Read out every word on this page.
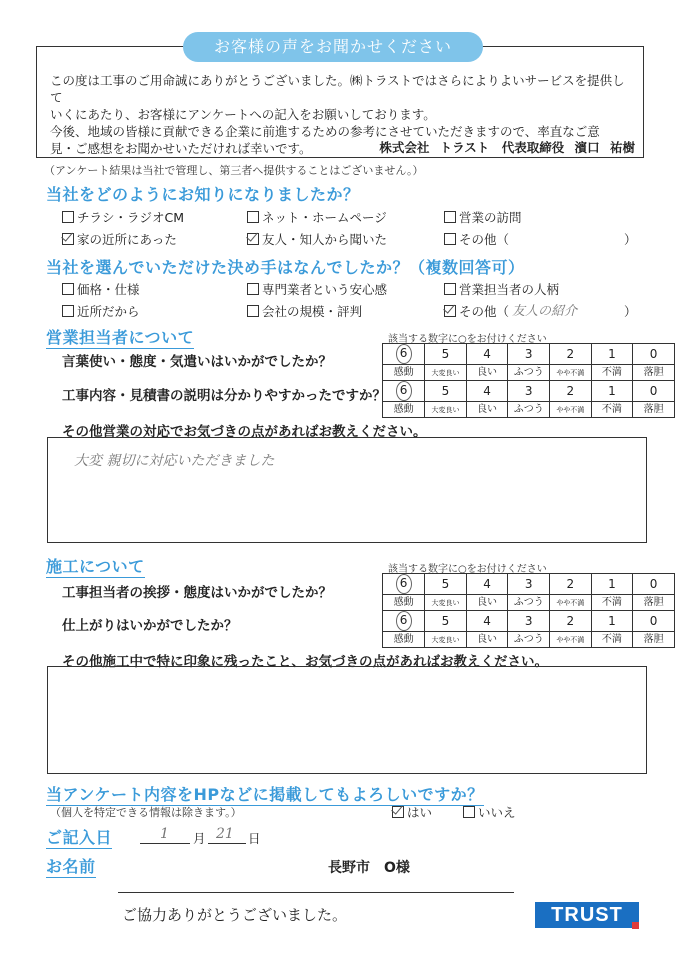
お客様の声をお聞かせください
この度は工事のご用命誠にありがとうございました。㈱トラストではさらによりよいサービスを提供して
いくにあたり、お客様にアンケートへの記入をお願いしております。
今後、地域の皆様に貢献できる企業に前進するための参考にさせていただきますので、率直なご意
見・ご感想をお聞かせいただければ幸いです。	株式会社 トラスト　代表取締役 濱口 祐樹
（アンケート結果は当社で管理し、第三者へ提供することはございません。）
当社をどのようにお知りになりましたか？
チラシ・ラジオCM	ネット・ホームページ	営業の訪問
家の近所にあった	友人・知人から聞いた	その他（	）
当社を選んでいただけた決め手はなんでしたか？（複数回答可）
価格・仕様	専門業者という安心感	営業担当者の人柄
近所だから	会社の規模・評判	その他（ 友人の紹介	）
営業担当者について	該当する数字に○をお付けください
言葉使い・態度・気遣いはいかがでしたか？
工事内容・見積書の説明は分かりやすかったですか？
6	5	4	3	2	1	0
感動	大変良い	良い	ふつう	やや不満	不満	落胆
6	5	4	3	2	1	0
感動	大変良い	良い	ふつう	やや不満	不満	落胆
その他営業の対応でお気づきの点があればお教えください。
大変 親切に対応いただきました
施工について	該当する数字に○をお付けください
工事担当者の挨拶・態度はいかがでしたか？
仕上がりはいかがでしたか？
6	5	4	3	2	1	0
感動	大変良い	良い	ふつう	やや不満	不満	落胆
6	5	4	3	2	1	0
感動	大変良い	良い	ふつう	やや不満	不満	落胆
その他施工中で特に印象に残ったこと、お気づきの点があればお教えください。
当アンケート内容をHPなどに掲載してもよろしいですか？
（個人を特定できる情報は除きます。）	はい	いいえ
ご記入日	1 月 21 日
お名前	長野市　O様
ご協力ありがとうございました。	TRUST
